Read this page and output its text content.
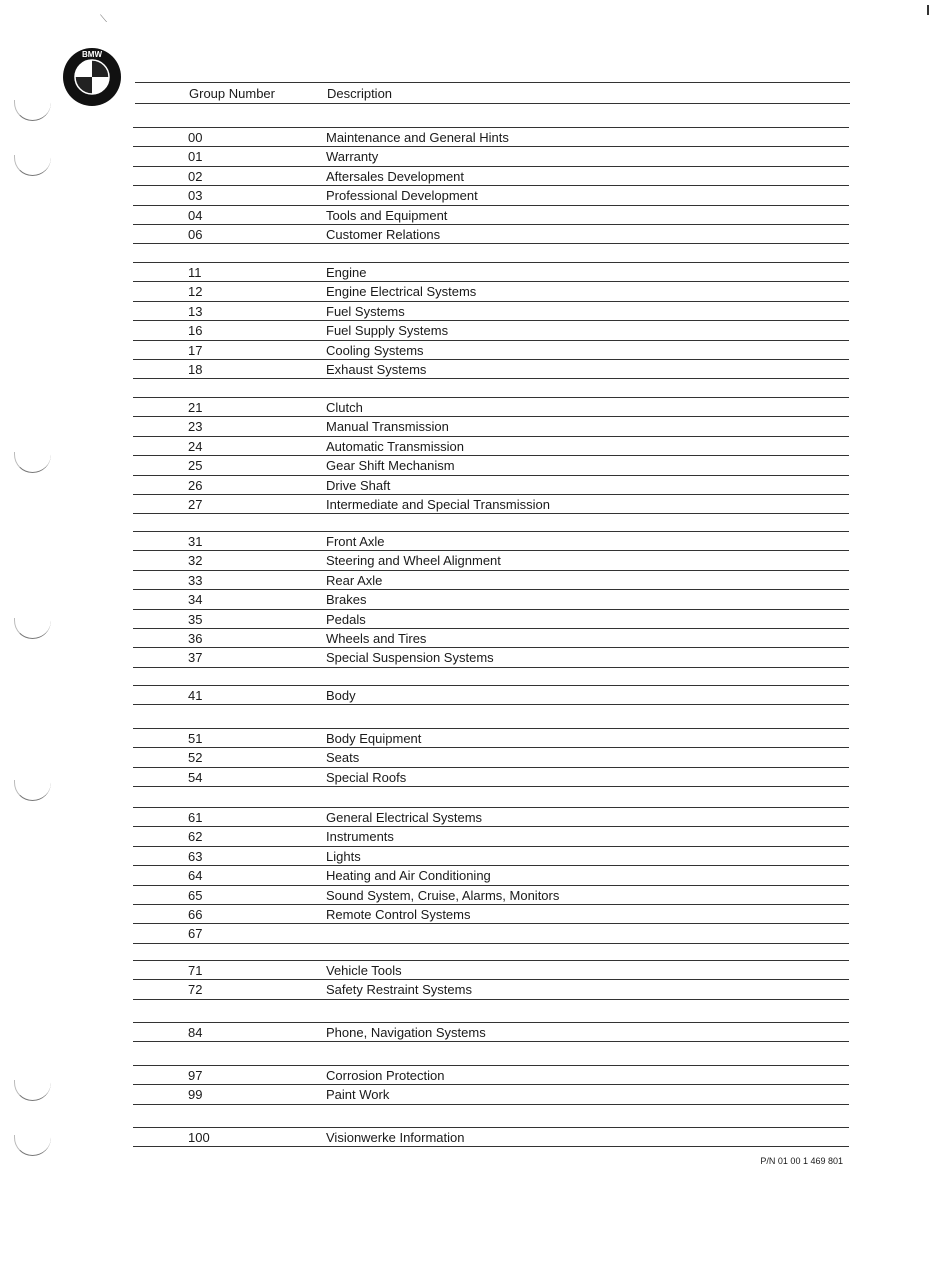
⟍
BMW
Group Number	Description
00	Maintenance and General Hints
01	Warranty
02	Aftersales Development
03	Professional Development
04	Tools and Equipment
06	Customer Relations
11	Engine
12	Engine Electrical Systems
13	Fuel Systems
16	Fuel Supply Systems
17	Cooling Systems
18	Exhaust Systems
21	Clutch
23	Manual Transmission
24	Automatic Transmission
25	Gear Shift Mechanism
26	Drive Shaft
27	Intermediate and Special Transmission
31	Front Axle
32	Steering and Wheel Alignment
33	Rear Axle
34	Brakes
35	Pedals
36	Wheels and Tires
37	Special Suspension Systems
41	Body
51	Body Equipment
52	Seats
54	Special Roofs
61	General Electrical Systems
62	Instruments
63	Lights
64	Heating and Air Conditioning
65	Sound System, Cruise, Alarms, Monitors
66	Remote Control Systems
67
71	Vehicle Tools
72	Safety Restraint Systems
84	Phone, Navigation Systems
97	Corrosion Protection
99	Paint Work
100	Visionwerke Information
P/N 01 00 1 469 801
